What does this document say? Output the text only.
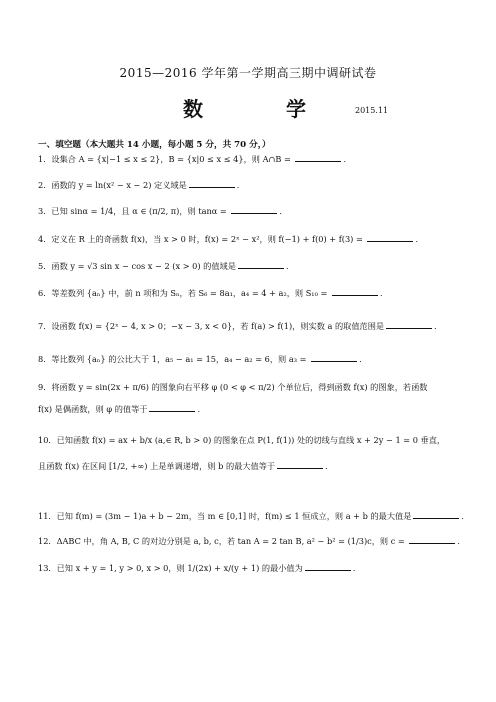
2015—2016 学年第一学期高三期中调研试卷
数 学 2015.11
一、填空题（本大题共 14 小题，每小题 5 分，共 70 分，）
1．设集合 A = {x|−1 ≤ x ≤ 2}，B = {x|0 ≤ x ≤ 4}，则 A∩B =	．
2．函数的 y = ln(x² − x − 2) 定义域是	．
3．已知 sinα = 1/4，且 α ∈ (π/2, π)，则 tanα =	．
4．定义在 R 上的奇函数 f(x)，当 x > 0 时，f(x) = 2ˣ − x²，则 f(−1) + f(0) + f(3) =	．
5．函数 y = √3 sin x − cos x − 2 (x > 0) 的值域是	．
6．等差数列 {aₙ} 中，前 n 项和为 Sₙ，若 S₆ = 8a₁，a₄ = 4 + a₂，则 S₁₀ =	．
7．设函数 f(x) = {2ˣ − 4, x > 0；−x − 3, x < 0}，若 f(a) > f(1)，则实数 a 的取值范围是	．
8．等比数列 {aₙ} 的公比大于 1，a₅ − a₁ = 15，a₄ − a₂ = 6，则 a₃ =	．
9．将函数 y = sin(2x + π/6) 的图象向右平移 φ (0 < φ < π/2) 个单位后，得到函数 f(x) 的图象，若函数
f(x) 是偶函数，则 φ 的值等于	．
10．已知函数 f(x) = ax + b/x (a,∈ R, b > 0) 的图象在点 P(1, f(1)) 处的切线与直线 x + 2y − 1 = 0 垂直，
且函数 f(x) 在区间 [1/2, +∞) 上是单调递增，则 b 的最大值等于	．
11．已知 f(m) = (3m − 1)a + b − 2m，当 m ∈ [0,1] 时，f(m) ≤ 1 恒成立，则 a + b 的最大值是	．
12．ΔABC 中，角 A, B, C 的对边分别是 a, b, c，若 tan A = 2 tan B, a² − b² = (1/3)c，则 c =	．
13．已知 x + y = 1, y > 0, x > 0，则 1/(2x) + x/(y + 1) 的最小值为	．
